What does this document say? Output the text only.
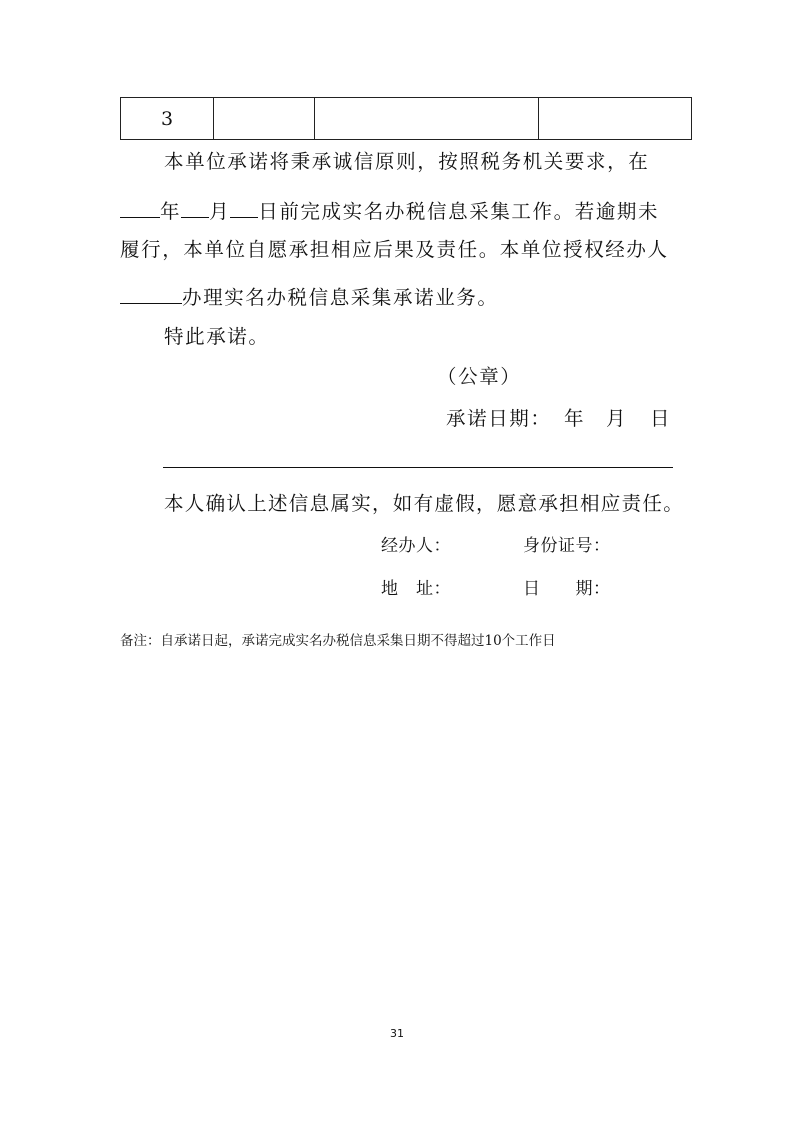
3			
本单位承诺将秉承诚信原则，按照税务机关要求，在
年 月 日前完成实名办税信息采集工作。若逾期未
履行，本单位自愿承担相应后果及责任。本单位授权经办人
办理实名办税信息采集承诺业务。
特此承诺。
（公章）
承诺日期： 年 月 日
本人确认上述信息属实，如有虚假，愿意承担相应责任。
经办人：	身份证号：
地　址：	日　　期：
备注：自承诺日起，承诺完成实名办税信息采集日期不得超过10个工作日
31
